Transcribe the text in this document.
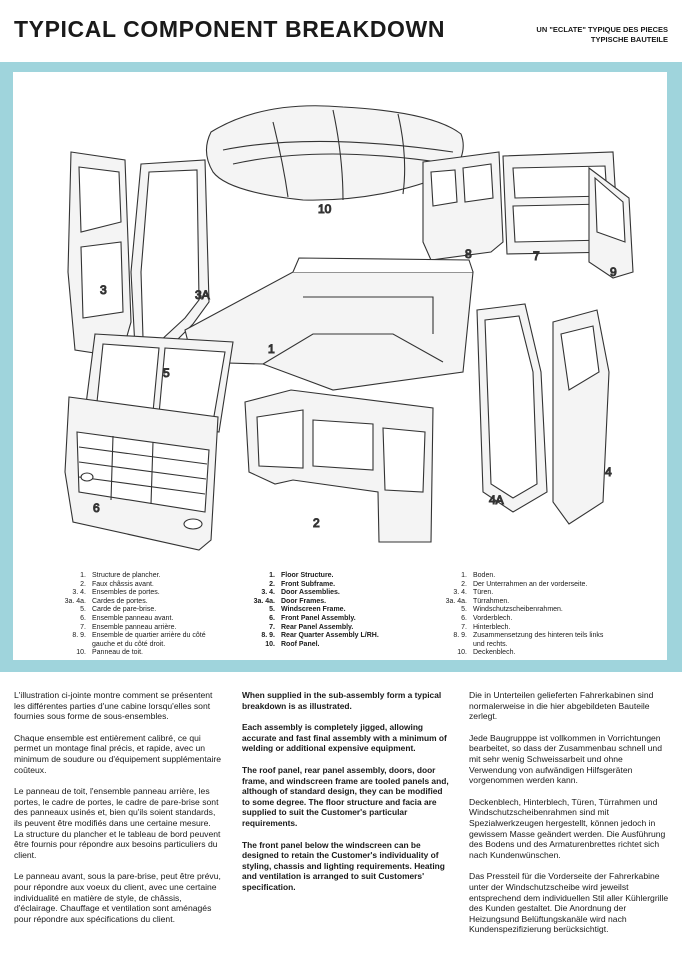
TYPICAL COMPONENT BREAKDOWN	UN "ECLATE" TYPIQUE DES PIECES
TYPISCHE BAUTEILE
10
3	3A
8	7
9
1
5
4A
4
6
2
1. Structure de plancher.
2. Faux châssis avant.
3. 4. Ensembles de portes.
3a. 4a. Cardes de portes.
5. Carde de pare-brise.
6. Ensemble panneau avant.
7. Ensemble panneau arrière.
8. 9. Ensemble de quartier arrière du côté
gauche et du côté droit.
10. Panneau de toit.
1. Floor Structure.
2. Front Subframe.
3. 4. Door Assemblies.
3a. 4a. Door Frames.
5. Windscreen Frame.
6. Front Panel Assembly.
7. Rear Panel Assembly.
8. 9. Rear Quarter Assembly L/RH.
10. Roof Panel.
1. Boden.
2. Der Unterrahmen an der vorderseite.
3. 4. Türen.
3a. 4a. Türrahmen.
5. Windschutzscheibenrahmen.
6. Vorderblech.
7. Hinterblech.
8. 9. Zusammensetzung des hinteren teils links
und rechts.
10. Deckenblech.

L'illustration ci-jointe montre comment se présentent les différentes parties d'une cabine lorsqu'elles sont fournies sous forme de sous-ensembles.

Chaque ensemble est entièrement calibré, ce qui permet un montage final précis, et rapide, avec un minimum de soudure ou d'équipement supplémentaire coûteux.

Le panneau de toit, l'ensemble panneau arrière, les portes, le cadre de portes, le cadre de pare-brise sont des panneaux usinés et, bien qu'ils soient standards, ils peuvent être modifiés dans une certaine mesure. La structure du plancher et le tableau de bord peuvent être fournis pour répondre aux besoins particuliers du client.

Le panneau avant, sous la pare-brise, peut être prévu, pour répondre aux voeux du client, avec une certaine individualité en matière de style, de châssis, d'éclairage. Chauffage et ventilation sont aménagés pour répondre aux spécifications du client.

When supplied in the sub-assembly form a typical breakdown is as illustrated.

Each assembly is completely jigged, allowing accurate and fast final assembly with a minimum of welding or additional expensive equipment.

The roof panel, rear panel assembly, doors, door frame, and windscreen frame are tooled panels and, although of standard design, they can be modified to some degree. The floor structure and facia are supplied to suit the Customer's particular requirements.

The front panel below the windscreen can be designed to retain the Customer's individuality of styling, chassis and lighting requirements. Heating and ventilation is arranged to suit Customers' specification.

Die in Unterteilen gelieferten Fahrerkabinen sind normalerweise in die hier abgebildeten Bauteile zerlegt.

Jede Baugrupppe ist vollkommen in Vorrichtungen bearbeitet, so dass der Zusammenbau schnell und mit sehr wenig Schweissarbeit und ohne Verwendung von aufwändigen Hilfsgeräten vorgenommen werden kann.

Deckenblech, Hinterblech, Türen, Türrahmen und Windschutzscheibenrahmen sind mit Spezialwerkzeugen hergestellt, können jedoch in gewissem Masse geändert werden. Die Ausführung des Bodens und des Armaturenbrettes richtet sich nach Kundenwünschen.

Das Pressteil für die Vorderseite der Fahrerkabine unter der Windschutzscheibe wird jeweilst entsprechend dem individuellen Stil aller Kühlergrille des Kunden gestaltet. Die Anordnung der Heizungsund Belüftungskanäle wird nach Kundenspezifizierung berücksichtigt.
